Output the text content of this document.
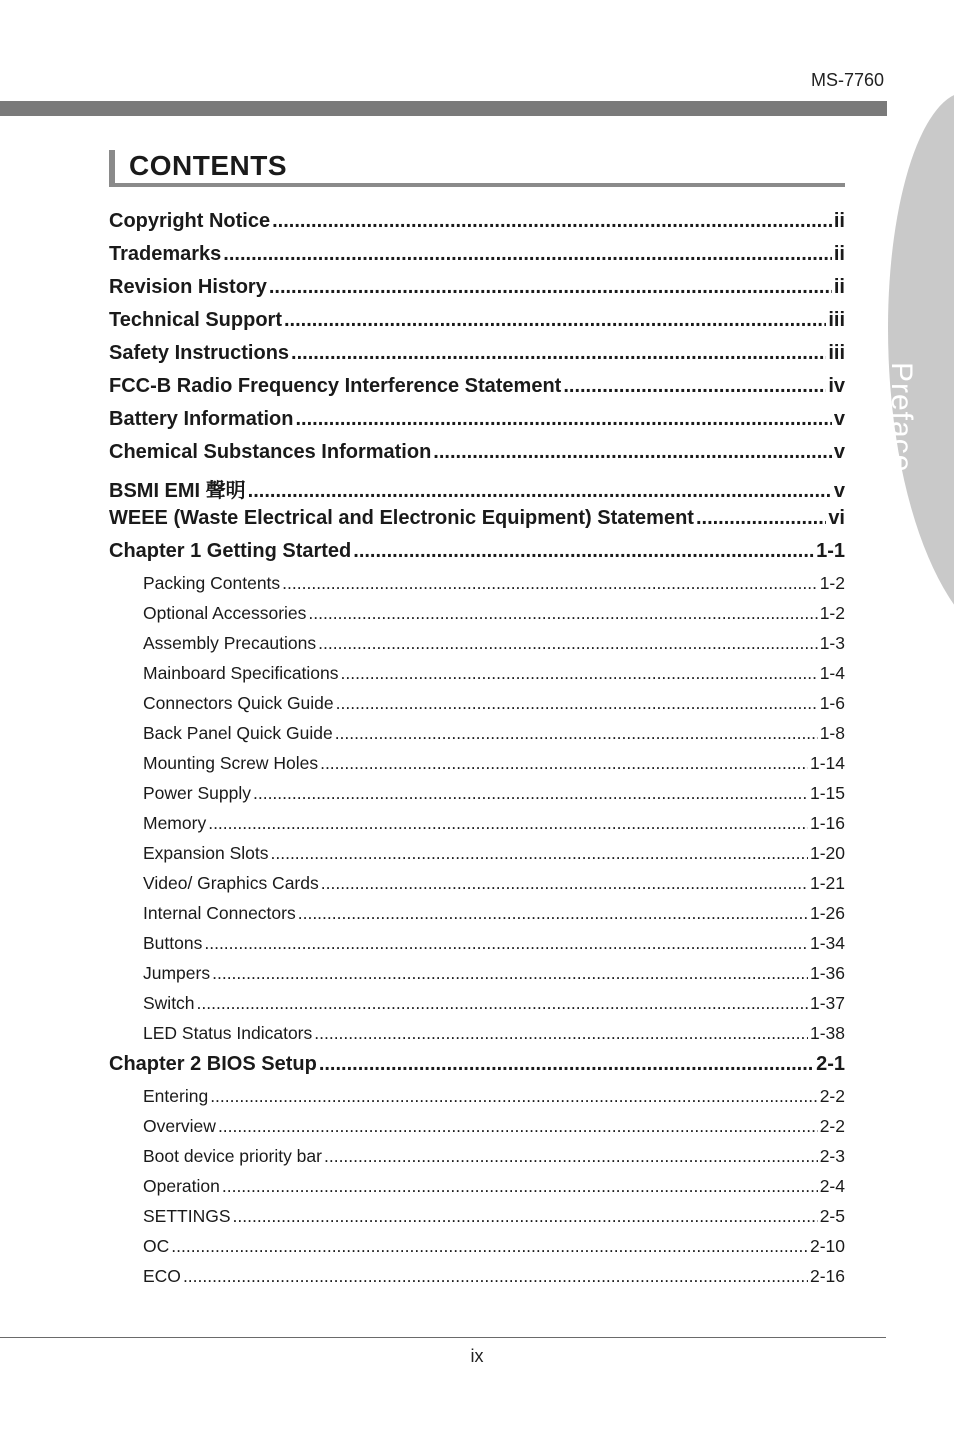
MS-7760
Preface
CONTENTS
Copyright Notice .....	ii
Trademarks .....	ii
Revision History .....	ii
Technical Support .....	iii
Safety Instructions .....	iii
FCC-B Radio Frequency Interference Statement .....	iv
Battery Information .....	v
Chemical Substances Information .....	v
BSMI EMI 聲明 .....	v
WEEE (Waste Electrical and Electronic Equipment) Statement .....	vi
Chapter 1 Getting Started .....	1-1
Packing Contents .....	1-2
Optional Accessories .....	1-2
Assembly Precautions .....	1-3
Mainboard Specifications .....	1-4
Connectors Quick Guide .....	1-6
Back Panel Quick Guide .....	1-8
Mounting Screw Holes .....	1-14
Power Supply .....	1-15
Memory .....	1-16
Expansion Slots .....	1-20
Video/ Graphics Cards .....	1-21
Internal Connectors .....	1-26
Buttons .....	1-34
Jumpers .....	1-36
Switch .....	1-37
LED Status Indicators .....	1-38
Chapter 2 BIOS Setup .....	2-1
Entering .....	2-2
Overview .....	2-2
Boot device priority bar .....	2-3
Operation .....	2-4
SETTINGS .....	2-5
OC .....	2-10
ECO .....	2-16
ix
